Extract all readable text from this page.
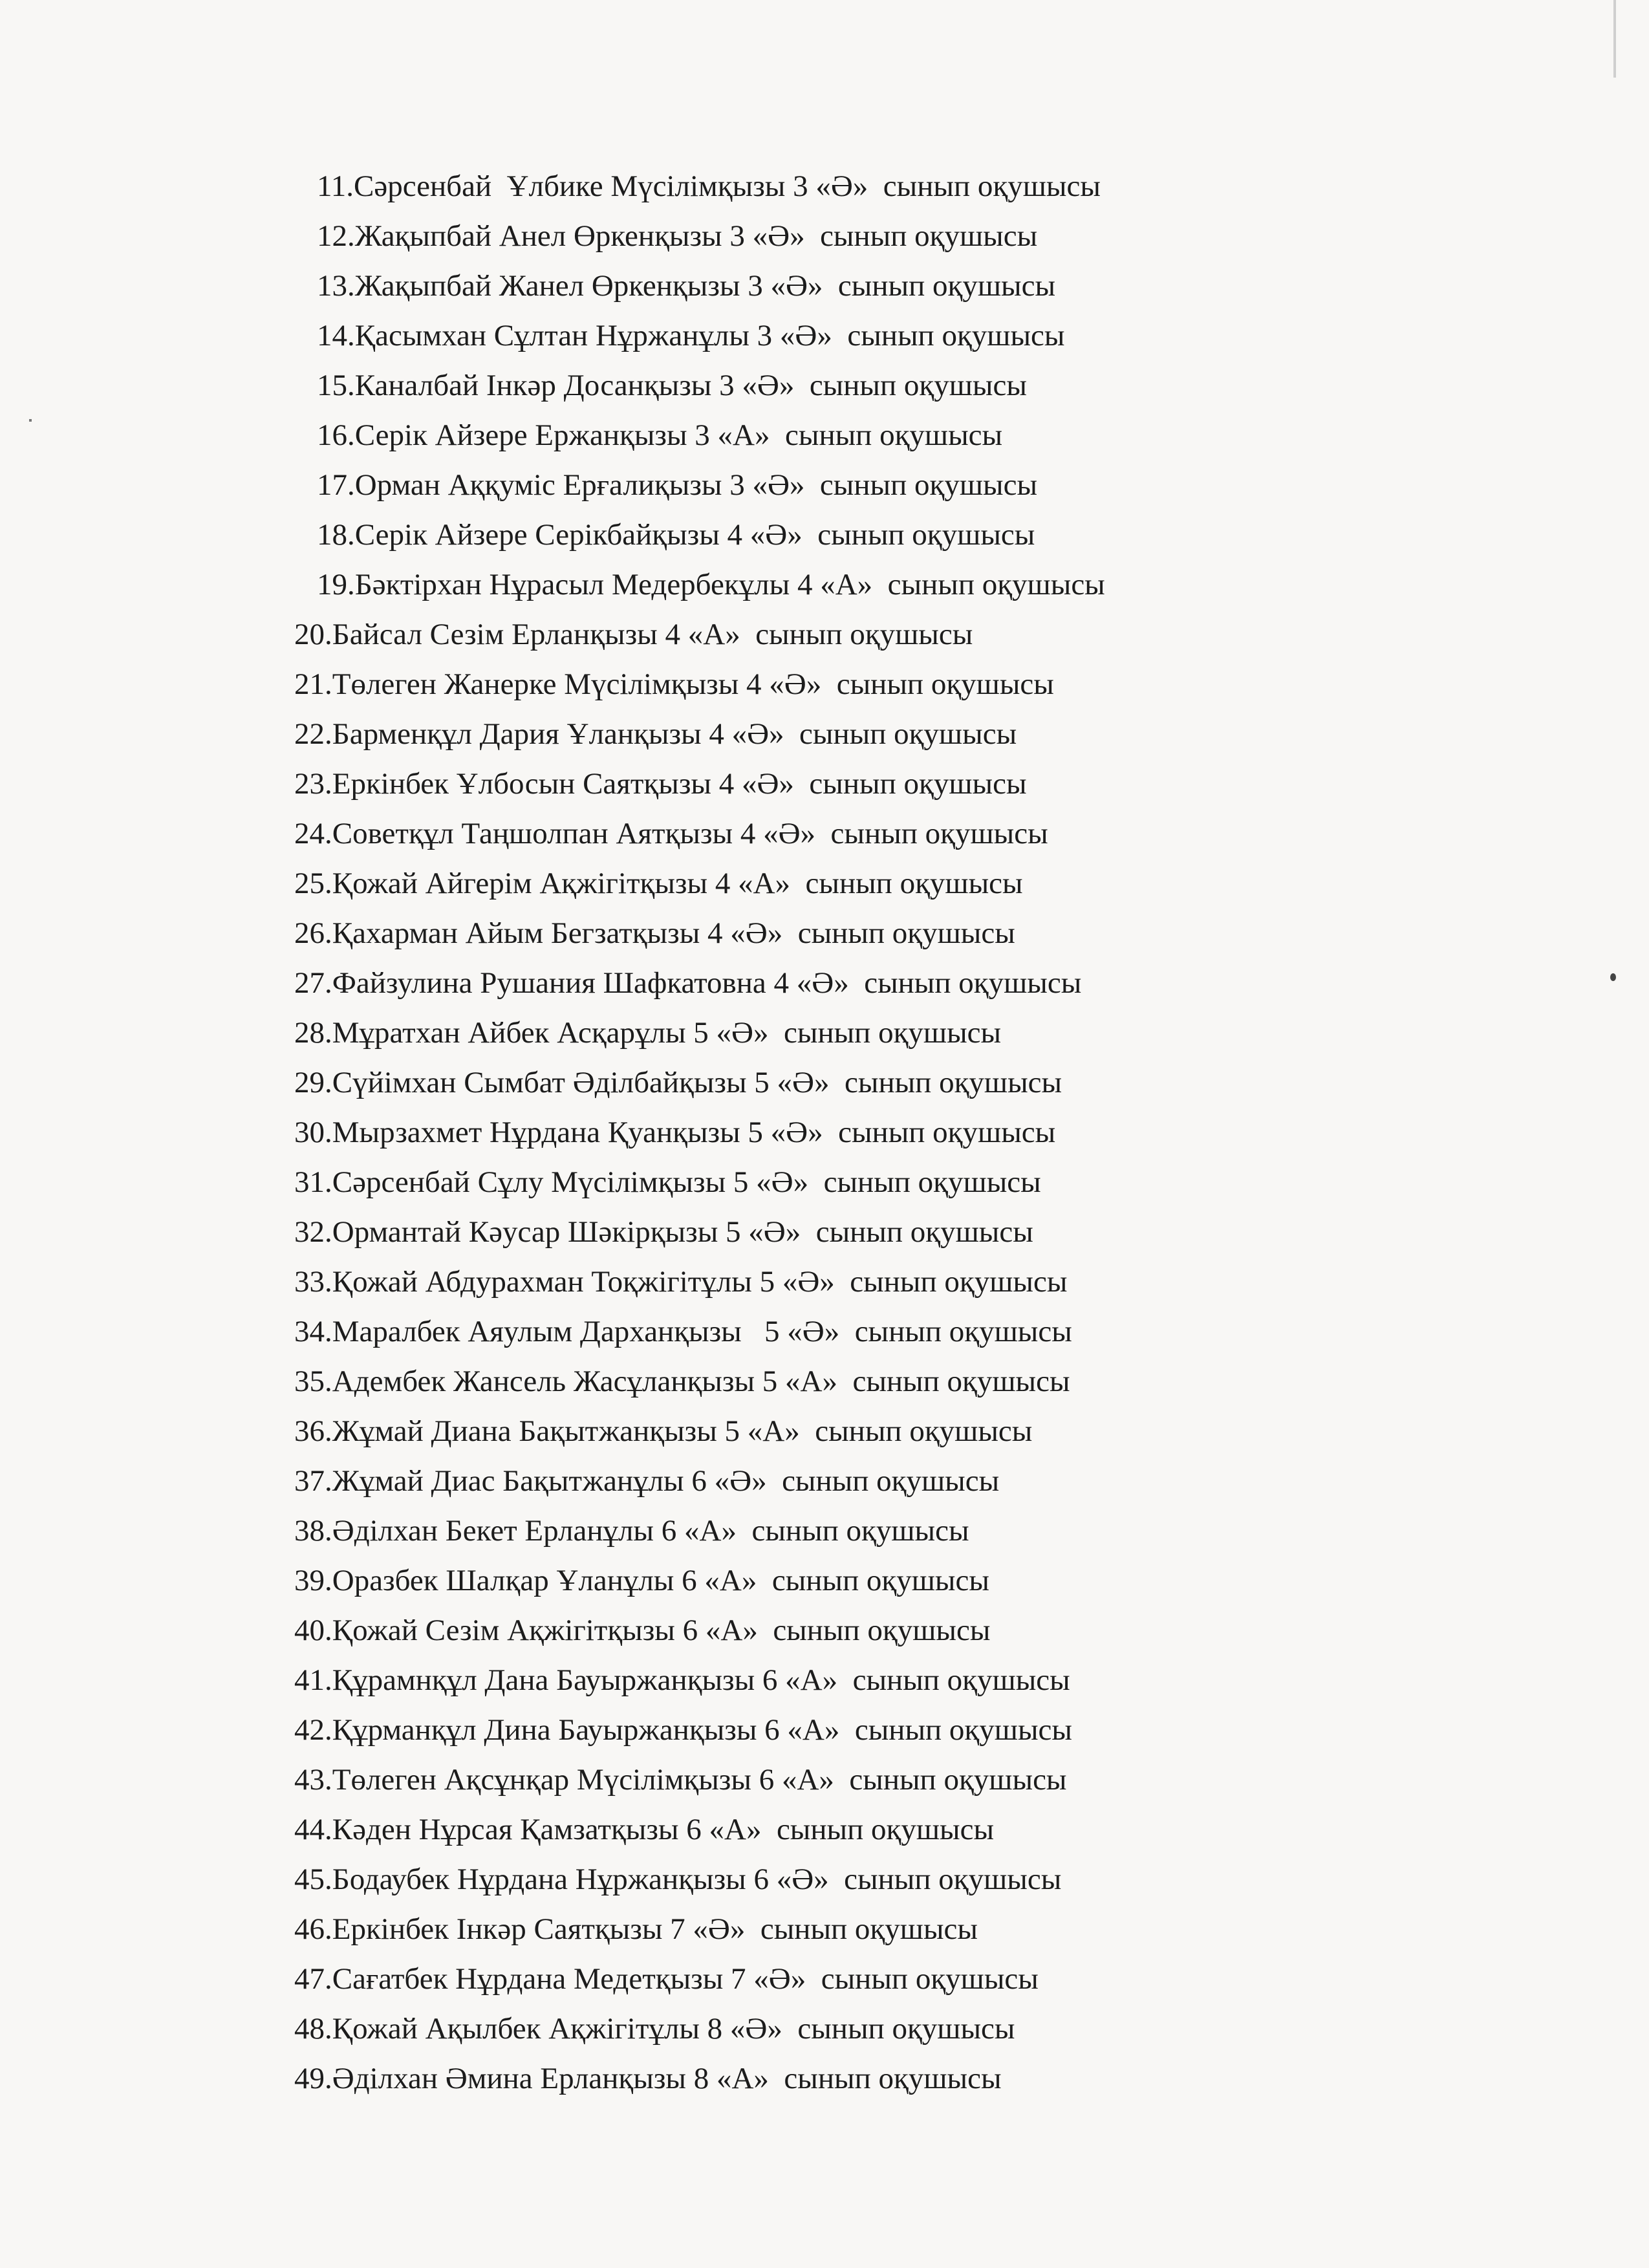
11.Сәрсенбай  Ұлбике Мүсілімқызы 3 «Ә»  сынып оқушысы
12.Жақыпбай Анел Өркенқызы 3 «Ә»  сынып оқушысы
13.Жақыпбай Жанел Өркенқызы 3 «Ә»  сынып оқушысы
14.Қасымхан Сұлтан Нұржанұлы 3 «Ә»  сынып оқушысы
15.Каналбай Інкәр Досанқызы 3 «Ә»  сынып оқушысы
16.Серік Айзере Ержанқызы 3 «А»  сынып оқушысы
17.Орман Аққуміс Ерғалиқызы 3 «Ә»  сынып оқушысы
18.Серік Айзере Серікбайқызы 4 «Ә»  сынып оқушысы
19.Бәктірхан Нұрасыл Медербекұлы 4 «А»  сынып оқушысы
20.Байсал Сезім Ерланқызы 4 «А»  сынып оқушысы
21.Төлеген Жанерке Мүсілімқызы 4 «Ә»  сынып оқушысы
22.Барменқұл Дария Ұланқызы 4 «Ә»  сынып оқушысы
23.Еркінбек Ұлбосын Саятқызы 4 «Ә»  сынып оқушысы
24.Советқұл Таңшолпан Аятқызы 4 «Ә»  сынып оқушысы
25.Қожай Айгерім Ақжігітқызы 4 «А»  сынып оқушысы
26.Қахарман Айым Бегзатқызы 4 «Ә»  сынып оқушысы
27.Файзулина Рушания Шафкатовна 4 «Ә»  сынып оқушысы
28.Мұратхан Айбек Асқарұлы 5 «Ә»  сынып оқушысы
29.Сүйімхан Сымбат Әділбайқызы 5 «Ә»  сынып оқушысы
30.Мырзахмет Нұрдана Қуанқызы 5 «Ә»  сынып оқушысы
31.Сәрсенбай Сұлу Мүсілімқызы 5 «Ә»  сынып оқушысы
32.Ормантай Кәусар Шәкірқызы 5 «Ә»  сынып оқушысы
33.Қожай Абдурахман Тоқжігітұлы 5 «Ә»  сынып оқушысы
34.Маралбек Аяулым Дарханқызы   5 «Ә»  сынып оқушысы
35.Адембек Жансель Жасұланқызы 5 «А»  сынып оқушысы
36.Жұмай Диана Бақытжанқызы 5 «А»  сынып оқушысы
37.Жұмай Диас Бақытжанұлы 6 «Ә»  сынып оқушысы
38.Әділхан Бекет Ерланұлы 6 «А»  сынып оқушысы
39.Оразбек Шалқар Ұланұлы 6 «А»  сынып оқушысы
40.Қожай Сезім Ақжігітқызы 6 «А»  сынып оқушысы
41.Құрамнқұл Дана Бауыржанқызы 6 «А»  сынып оқушысы
42.Құрманқұл Дина Бауыржанқызы 6 «А»  сынып оқушысы
43.Төлеген Ақсұнқар Мүсілімқызы 6 «А»  сынып оқушысы
44.Кәден Нұрсая Қамзатқызы 6 «А»  сынып оқушысы
45.Бодаубек Нұрдана Нұржанқызы 6 «Ә»  сынып оқушысы
46.Еркінбек Інкәр Саятқызы 7 «Ә»  сынып оқушысы
47.Сағатбек Нұрдана Медетқызы 7 «Ә»  сынып оқушысы
48.Қожай Ақылбек Ақжігітұлы 8 «Ә»  сынып оқушысы
49.Әділхан Әмина Ерланқызы 8 «А»  сынып оқушысы
